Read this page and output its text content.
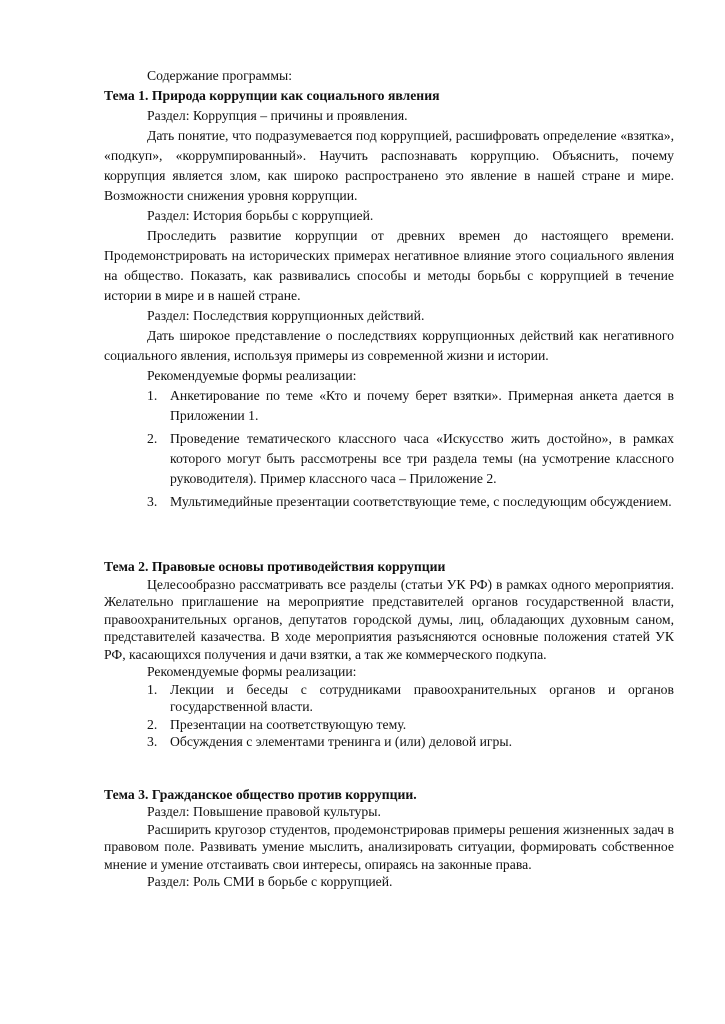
Содержание программы:

Тема 1. Природа коррупции как социального явления

Раздел: Коррупция – причины и проявления.

Дать понятие, что подразумевается под коррупцией, расшифровать определение «взятка», «подкуп», «коррумпированный». Научить распознавать коррупцию. Объяснить, почему коррупция является злом, как широко распространено это явление в нашей стране и мире. Возможности снижения уровня коррупции.

Раздел: История борьбы с коррупцией.

Проследить развитие коррупции от древних времен до настоящего времени. Продемонстрировать на исторических примерах негативное влияние этого социального явления на общество. Показать, как развивались способы и методы борьбы с коррупцией в течение истории в мире и в нашей стране.

Раздел: Последствия коррупционных действий.

Дать широкое представление о последствиях коррупционных действий как негативного социального явления, используя примеры из современной жизни и истории.

Рекомендуемые формы реализации:

1. Анкетирование по теме «Кто и почему берет взятки». Примерная анкета дается в Приложении 1.
2. Проведение тематического классного часа «Искусство жить достойно», в рамках которого могут быть рассмотрены все три раздела темы (на усмотрение классного руководителя). Пример классного часа – Приложение 2.
3. Мультимедийные презентации соответствующие теме, с последующим обсуждением.

Тема 2. Правовые основы противодействия коррупции

Целесообразно рассматривать все разделы (статьи УК РФ) в рамках одного мероприятия. Желательно приглашение на мероприятие представителей органов государственной власти, правоохранительных органов, депутатов городской думы, лиц, обладающих духовным саном, представителей казачества. В ходе мероприятия разъясняются основные положения статей УК РФ, касающихся получения и дачи взятки, а так же коммерческого подкупа.

Рекомендуемые формы реализации:

1. Лекции и беседы с сотрудниками правоохранительных органов и органов государственной власти.
2. Презентации на соответствующую тему.
3. Обсуждения с элементами тренинга и (или) деловой игры.

Тема 3. Гражданское общество против коррупции.

Раздел: Повышение правовой культуры.

Расширить кругозор студентов, продемонстрировав примеры решения жизненных задач в правовом поле. Развивать умение мыслить, анализировать ситуации, формировать собственное мнение и умение отстаивать свои интересы, опираясь на законные права.

Раздел: Роль СМИ в борьбе с коррупцией.
